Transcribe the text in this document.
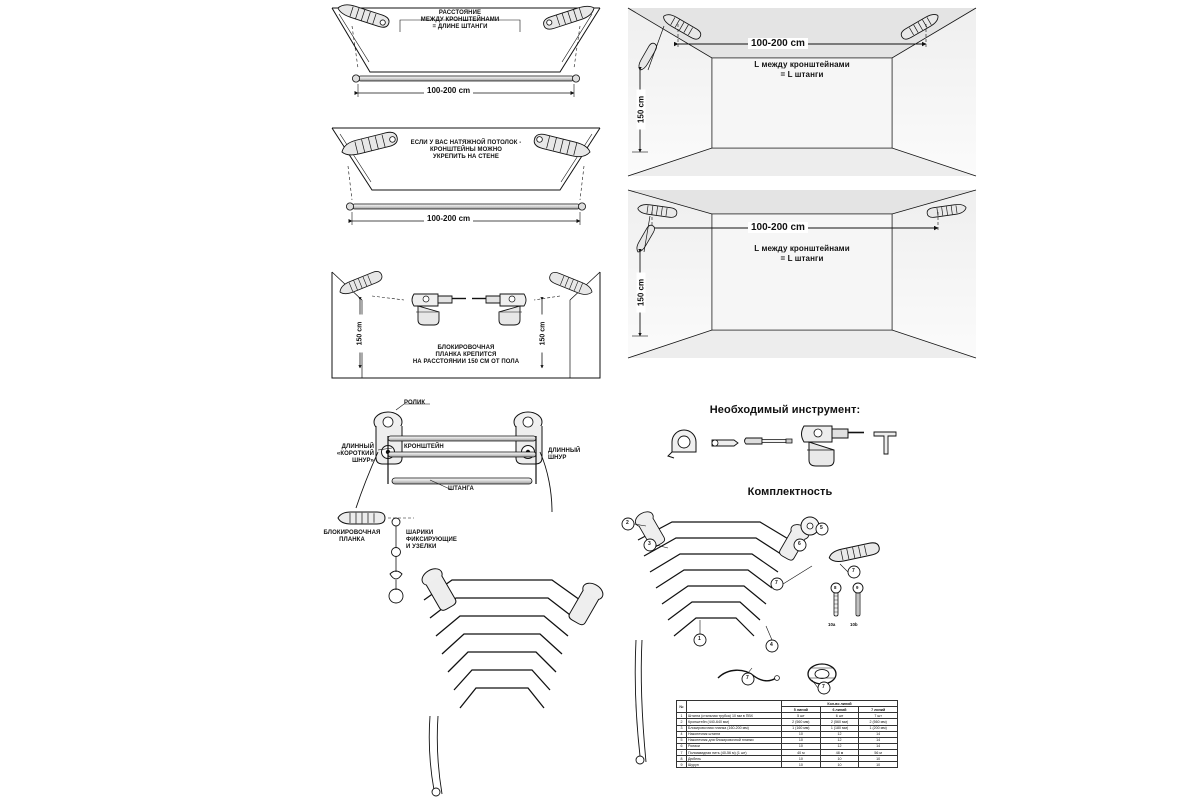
РАССТОЯНИЕ
МЕЖДУ КРОНШТЕЙНАМИ
= ДЛИНЕ ШТАНГИ
100-200 cm
ЕСЛИ У ВАС НАТЯЖНОЙ ПОТОЛОК -
КРОНШТЕЙНЫ МОЖНО
УКРЕПИТЬ НА СТЕНЕ
100-200 cm
БЛОКИРОВОЧНАЯ
ПЛАНКА КРЕПИТСЯ
НА РАССТОЯНИИ 150 СМ ОТ ПОЛА
150 cm	150 cm
100-200 cm
L между кронштейнами
= L штанги
150 cm
100-200 cm
L между кронштейнами
= L штанги
150 cm
РОЛИК
КРОНШТЕЙН
ШТАНГА
ДЛИННЫЙ
«КОРОТКИЙ
ШНУР»
ДЛИННЫЙ
ШНУР
БЛОКИРОВОЧНАЯ
ПЛАНКА
ШАРИКИ
ФИКСИРУЮЩИЕ
И УЗЕЛКИ
Необходимый инструмент:
Комплектность
1
2
3
4
5
6
7
7
7
7
8	9
10a	10b
№		Кол-во линий		
		5 линий	6 линий	7 линий
1	Штанга (стальная трубка) 10 мм в ПВХ	5 шт	6 шт	7 шт
2	Кронштейн (440-640 мм)	2 (560 мм)	2 (560 мм)	2 (560 мм)
3	Блокировочная планка (160-200 мм)	1 (160 мм)	1 (180 мм)	1 (200 мм)
4	Наконечник штанги	10	12	14
5	Наконечник для блокировочной планки	10	12	14
6	Ролики	10	12	14
7	Полиамидная нить (40-56 м) (1 шт)	40 м	48 м	56 м
8	Дюбель	10	10	10
9	Шуруп	10	10	10
